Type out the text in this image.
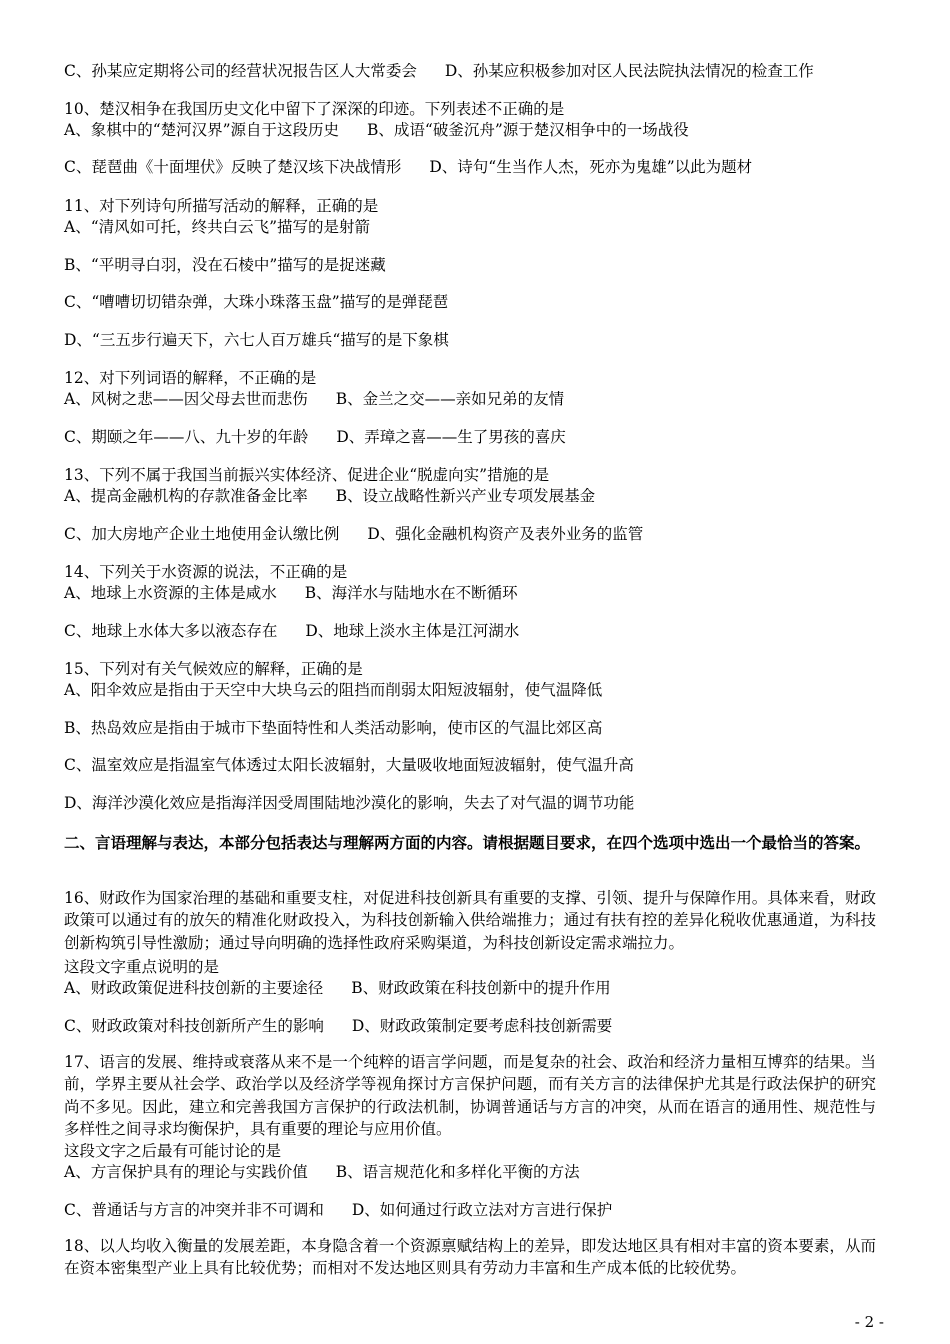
C、孙某应定期将公司的经营状况报告区人大常委会 D、孙某应积极参加对区人民法院执法情况的检查工作
10、楚汉相争在我国历史文化中留下了深深的印迹。下列表述不正确的是
A、象棋中的“楚河汉界”源自于这段历史 B、成语“破釜沉舟”源于楚汉相争中的一场战役
C、琵琶曲《十面埋伏》反映了楚汉垓下决战情形 D、诗句“生当作人杰，死亦为鬼雄”以此为题材
11、对下列诗句所描写活动的解释，正确的是
A、“清风如可托，终共白云飞”描写的是射箭
B、“平明寻白羽，没在石棱中”描写的是捉迷藏
C、“嘈嘈切切错杂弹，大珠小珠落玉盘”描写的是弹琵琶
D、“三五步行遍天下，六七人百万雄兵“描写的是下象棋
12、对下列词语的解释，不正确的是
A、风树之悲——因父母去世而悲伤 B、金兰之交——亲如兄弟的友情
C、期颐之年——八、九十岁的年龄 D、弄璋之喜——生了男孩的喜庆
13、下列不属于我国当前振兴实体经济、促进企业“脱虚向实”措施的是
A、提高金融机构的存款准备金比率 B、设立战略性新兴产业专项发展基金
C、加大房地产企业土地使用金认缴比例 D、强化金融机构资产及表外业务的监管
14、下列关于水资源的说法，不正确的是
A、地球上水资源的主体是咸水 B、海洋水与陆地水在不断循环
C、地球上水体大多以液态存在 D、地球上淡水主体是江河湖水
15、下列对有关气候效应的解释，正确的是
A、阳伞效应是指由于天空中大块乌云的阻挡而削弱太阳短波辐射，使气温降低
B、热岛效应是指由于城市下垫面特性和人类活动影响，使市区的气温比郊区高
C、温室效应是指温室气体透过太阳长波辐射，大量吸收地面短波辐射，使气温升高
D、海洋沙漠化效应是指海洋因受周围陆地沙漠化的影响，失去了对气温的调节功能
二、言语理解与表达，本部分包括表达与理解两方面的内容。请根据题目要求，在四个选项中选出一个最恰当的答案。
16、财政作为国家治理的基础和重要支柱，对促进科技创新具有重要的支撑、引领、提升与保障作用。具体来看，财政政策可以通过有的放矢的精准化财政投入，为科技创新输入供给端推力；通过有扶有控的差异化税收优惠通道，为科技创新构筑引导性激励；通过导向明确的选择性政府采购渠道，为科技创新设定需求端拉力。
这段文字重点说明的是
A、财政政策促进科技创新的主要途径 B、财政政策在科技创新中的提升作用
C、财政政策对科技创新所产生的影响 D、财政政策制定要考虑科技创新需要
17、语言的发展、维持或衰落从来不是一个纯粹的语言学问题，而是复杂的社会、政治和经济力量相互博弈的结果。当前，学界主要从社会学、政治学以及经济学等视角探讨方言保护问题，而有关方言的法律保护尤其是行政法保护的研究尚不多见。因此，建立和完善我国方言保护的行政法机制，协调普通话与方言的冲突，从而在语言的通用性、规范性与多样性之间寻求均衡保护，具有重要的理论与应用价值。
这段文字之后最有可能讨论的是
A、方言保护具有的理论与实践价值 B、语言规范化和多样化平衡的方法
C、普通话与方言的冲突并非不可调和 D、如何通过行政立法对方言进行保护
18、以人均收入衡量的发展差距，本身隐含着一个资源禀赋结构上的差异，即发达地区具有相对丰富的资本要素，从而在资本密集型产业上具有比较优势；而相对不发达地区则具有劳动力丰富和生产成本低的比较优势。
- 2 -
